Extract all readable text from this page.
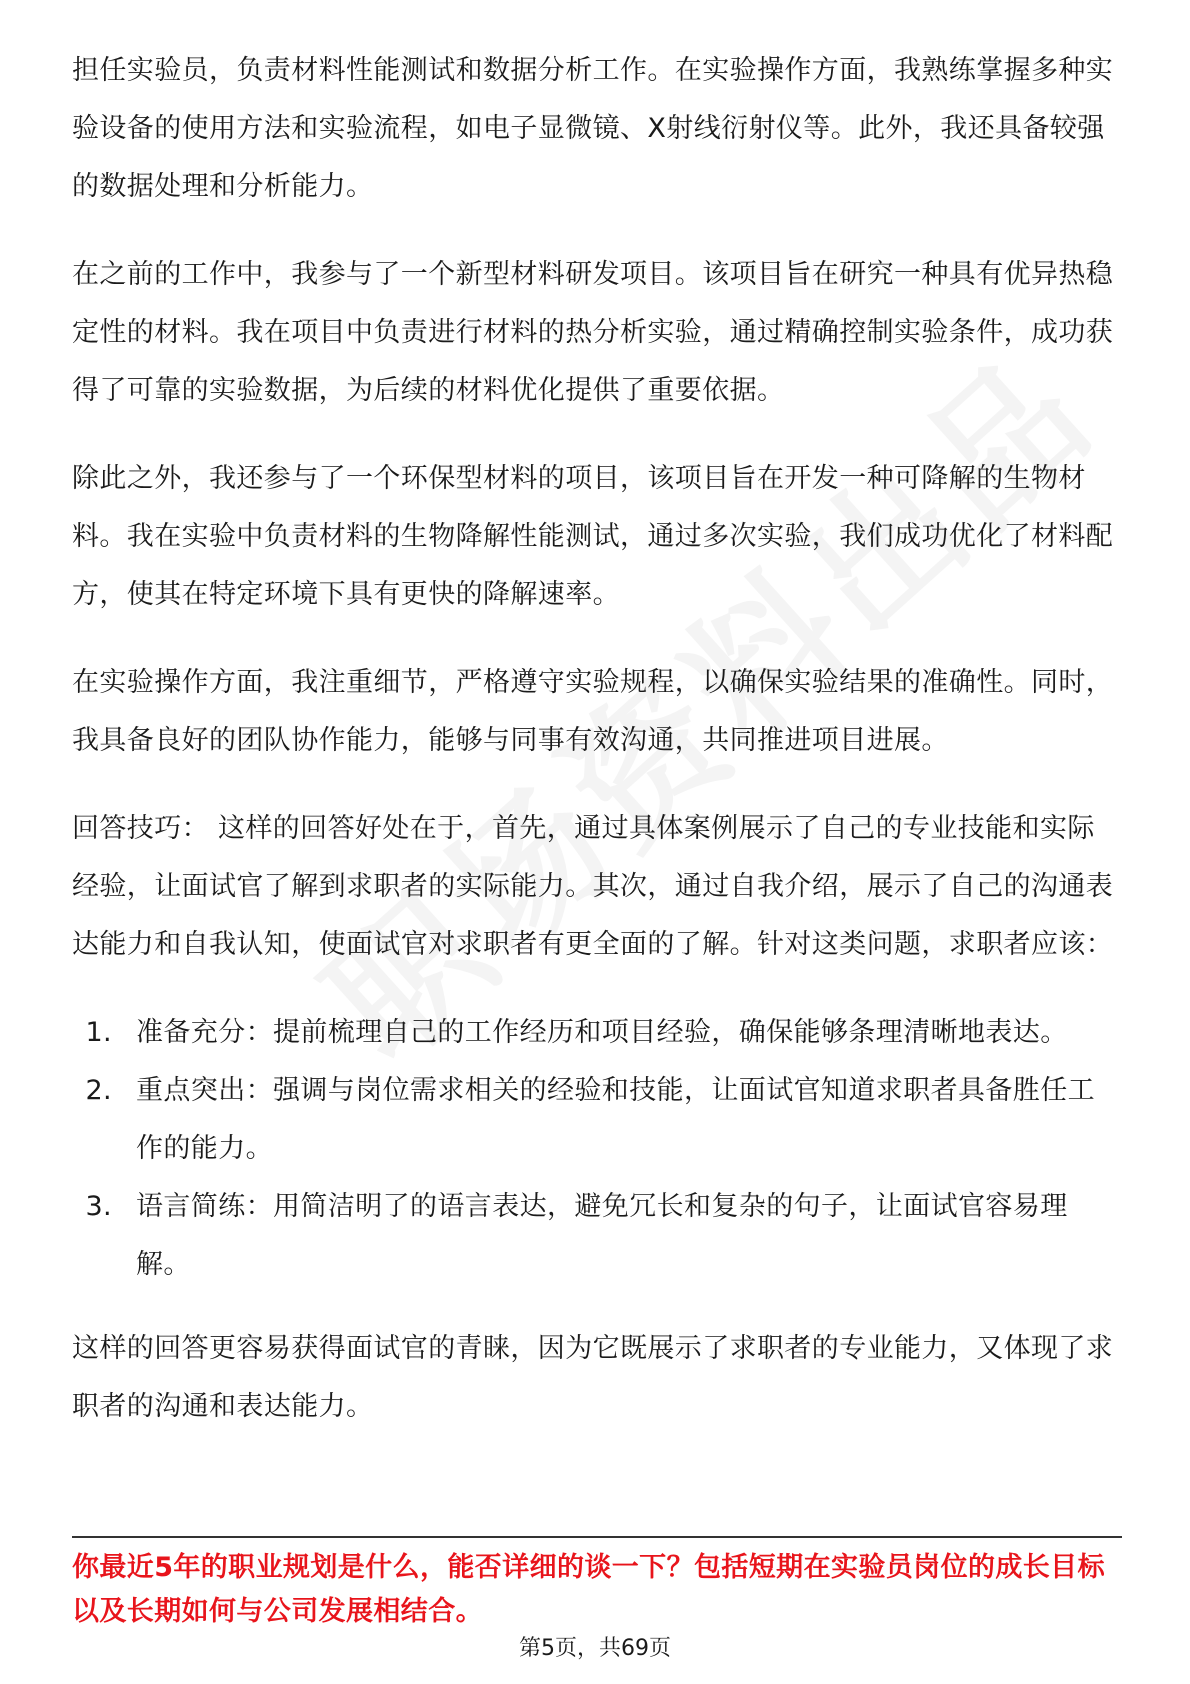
担任实验员，负责材料性能测试和数据分析工作。在实验操作方面，我熟练掌握多种实验设备的使用方法和实验流程，如电子显微镜、X射线衍射仪等。此外，我还具备较强的数据处理和分析能力。

在之前的工作中，我参与了一个新型材料研发项目。该项目旨在研究一种具有优异热稳定性的材料。我在项目中负责进行材料的热分析实验，通过精确控制实验条件，成功获得了可靠的实验数据，为后续的材料优化提供了重要依据。

除此之外，我还参与了一个环保型材料的项目，该项目旨在开发一种可降解的生物材料。我在实验中负责材料的生物降解性能测试，通过多次实验，我们成功优化了材料配方，使其在特定环境下具有更快的降解速率。

在实验操作方面，我注重细节，严格遵守实验规程，以确保实验结果的准确性。同时，我具备良好的团队协作能力，能够与同事有效沟通，共同推进项目进展。

回答技巧： 这样的回答好处在于，首先，通过具体案例展示了自己的专业技能和实际经验，让面试官了解到求职者的实际能力。其次，通过自我介绍，展示了自己的沟通表达能力和自我认知，使面试官对求职者有更全面的了解。针对这类问题，求职者应该：

1. 准备充分：提前梳理自己的工作经历和项目经验，确保能够条理清晰地表达。
2. 重点突出：强调与岗位需求相关的经验和技能，让面试官知道求职者具备胜任工作的能力。
3. 语言简练：用简洁明了的语言表达，避免冗长和复杂的句子，让面试官容易理解。

这样的回答更容易获得面试官的青睐，因为它既展示了求职者的专业能力，又体现了求职者的沟通和表达能力。

你最近5年的职业规划是什么，能否详细的谈一下？包括短期在实验员岗位的成长目标以及长期如何与公司发展相结合。

第5页，共69页
